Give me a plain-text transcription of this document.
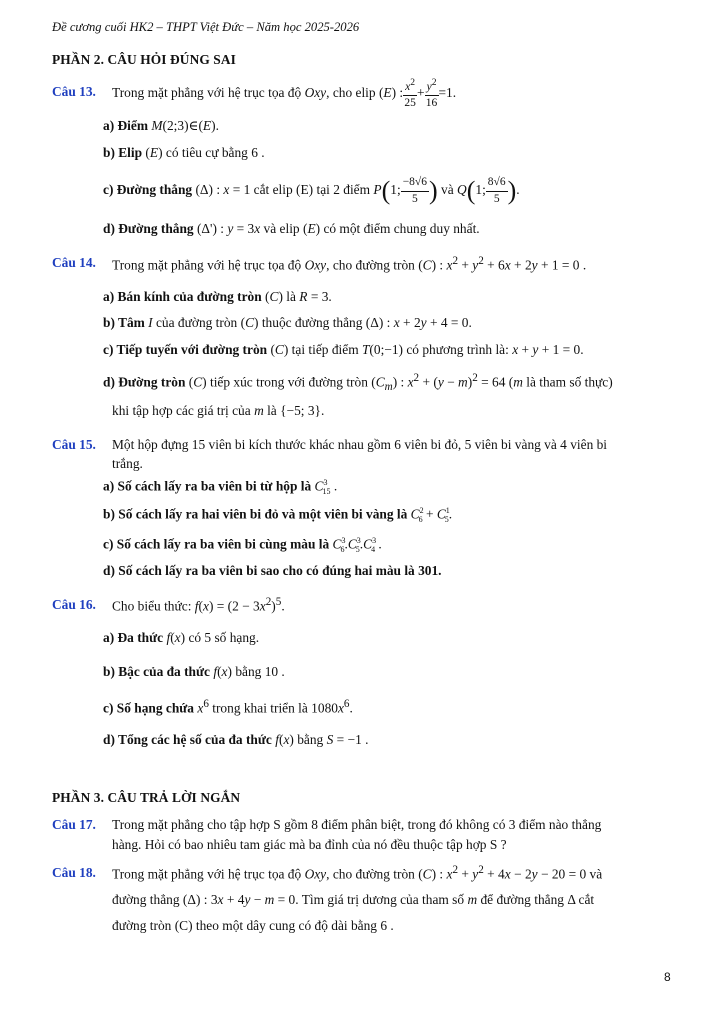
Đề cương cuối HK2 – THPT Việt Đức – Năm học 2025-2026
PHẦN 2. CÂU HỎI ĐÚNG SAI
Câu 13. Trong mặt phẳng với hệ trục tọa độ Oxy, cho elip (E) : $\frac{x^2}{25} + \frac{y^2}{16} =1$.
a) Điểm M(2;3)∈(E).
b) Elip (E) có tiêu cự bằng 6 .
c) Đường thẳng (Δ) : x = 1 cắt elip (E) tại 2 điểm P(1; $\frac{-8√6}{5}$ ) và Q(1; $\frac{8√6}{5}$ ).
d) Đường thẳng (Δ') : y = 3x và elip (E) có một điểm chung duy nhất.
Câu 14. Trong mặt phẳng với hệ trục tọa độ Oxy, cho đường tròn (C) : $x^2 + y^2 + 6x + 2y + 1 = 0$ .
a) Bán kính của đường tròn (C) là R = 3.
b) Tâm I của đường tròn (C) thuộc đường thẳng (Δ) : x + 2y + 4 = 0.
c) Tiếp tuyến với đường tròn (C) tại tiếp điểm T(0;−1) có phương trình là: x + y + 1 = 0.
d) Đường tròn (C) tiếp xúc trong với đường tròn $(C_m)$ : $x^2 + (y - m)^2 = 64$ (m là tham số thực)
khi tập hợp các giá trị của m là {−5; 3}.
Câu 15. Một hộp đựng 15 viên bi kích thước khác nhau gồm 6 viên bi đỏ, 5 viên bi vàng và 4 viên bi
trắng.
a) Số cách lấy ra ba viên bi từ hộp là $C^3_{15}$ .
b) Số cách lấy ra hai viên bi đỏ và một viên bi vàng là $C^2_6 + C^1_5$.
c) Số cách lấy ra ba viên bi cùng màu là $C^3_6.C^3_5.C^3_4$ .
d) Số cách lấy ra ba viên bi sao cho có đúng hai màu là 301.
Câu 16. Cho biểu thức: $f(x) = (2 - 3x^2)^5$.
a) Đa thức f(x) có 5 số hạng.
b) Bậc của đa thức f(x) bằng 10 .
c) Số hạng chứa $x^6$ trong khai triển là $1080x^6$.
d) Tổng các hệ số của đa thức f(x) bằng S = −1 .
PHẦN 3. CÂU TRẢ LỜI NGẮN
Câu 17. Trong mặt phẳng cho tập hợp S gồm 8 điểm phân biệt, trong đó không có 3 điểm nào thẳng
hàng. Hỏi có bao nhiêu tam giác mà ba đỉnh của nó đều thuộc tập hợp S ?
Câu 18. Trong mặt phẳng với hệ trục tọa độ Oxy, cho đường tròn (C) : $x^2 + y^2 + 4x - 2y - 20 = 0$ và
đường thẳng (Δ) : 3x + 4y − m = 0. Tìm giá trị dương của tham số m để đường thẳng Δ cắt
đường tròn (C) theo một dây cung có độ dài bằng 6 .
8
